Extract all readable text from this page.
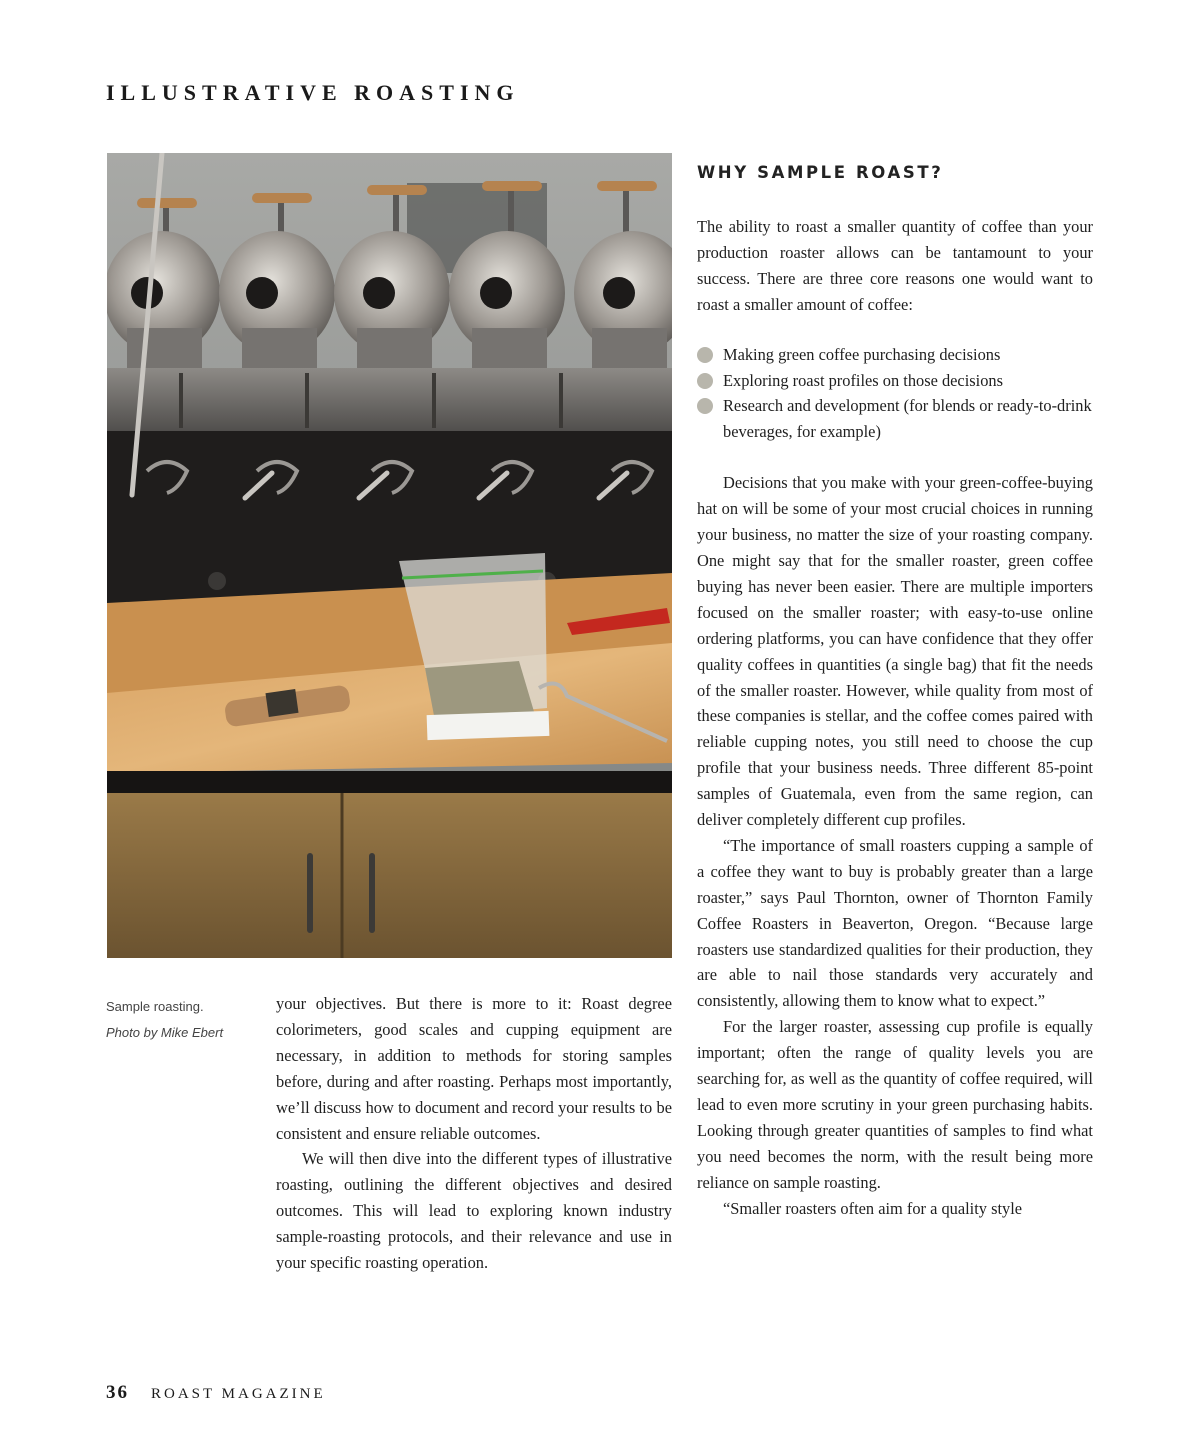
ILLUSTRATIVE ROASTING
Sample roasting.
Photo by Mike Ebert

your objectives. But there is more to it: Roast degree colorimeters, good scales and cupping equipment are necessary, in addition to methods for storing samples before, during and after roasting. Perhaps most importantly, we’ll discuss how to document and record your results to be consistent and ensure reliable outcomes.

We will then dive into the different types of illustrative roasting, outlining the different objectives and desired outcomes. This will lead to exploring known industry sample-roasting protocols, and their relevance and use in your specific roasting operation.

WHY SAMPLE ROAST?

The ability to roast a smaller quantity of coffee than your production roaster allows can be tantamount to your success. There are three core reasons one would want to roast a smaller amount of coffee:

Making green coffee purchasing decisions
Exploring roast profiles on those decisions
Research and development (for blends or ready-to-drink beverages, for example)

Decisions that you make with your green-coffee-buying hat on will be some of your most crucial choices in running your business, no matter the size of your roasting company. One might say that for the smaller roaster, green coffee buying has never been easier. There are multiple importers focused on the smaller roaster; with easy-to-use online ordering platforms, you can have confidence that they offer quality coffees in quantities (a single bag) that fit the needs of the smaller roaster. However, while quality from most of these companies is stellar, and the coffee comes paired with reliable cupping notes, you still need to choose the cup profile that your business needs. Three different 85-point samples of Guatemala, even from the same region, can deliver completely different cup profiles.

“The importance of small roasters cupping a sample of a coffee they want to buy is probably greater than a large roaster,” says Paul Thornton, owner of Thornton Family Coffee Roasters in Beaverton, Oregon. “Because large roasters use standardized qualities for their production, they are able to nail those standards very accurately and consistently, allowing them to know what to expect.”

For the larger roaster, assessing cup profile is equally important; often the range of quality levels you are searching for, as well as the quantity of coffee required, will lead to even more scrutiny in your green purchasing habits. Looking through greater quantities of samples to find what you need becomes the norm, with the result being more reliance on sample roasting.

“Smaller roasters often aim for a quality style

36 ROAST MAGAZINE
